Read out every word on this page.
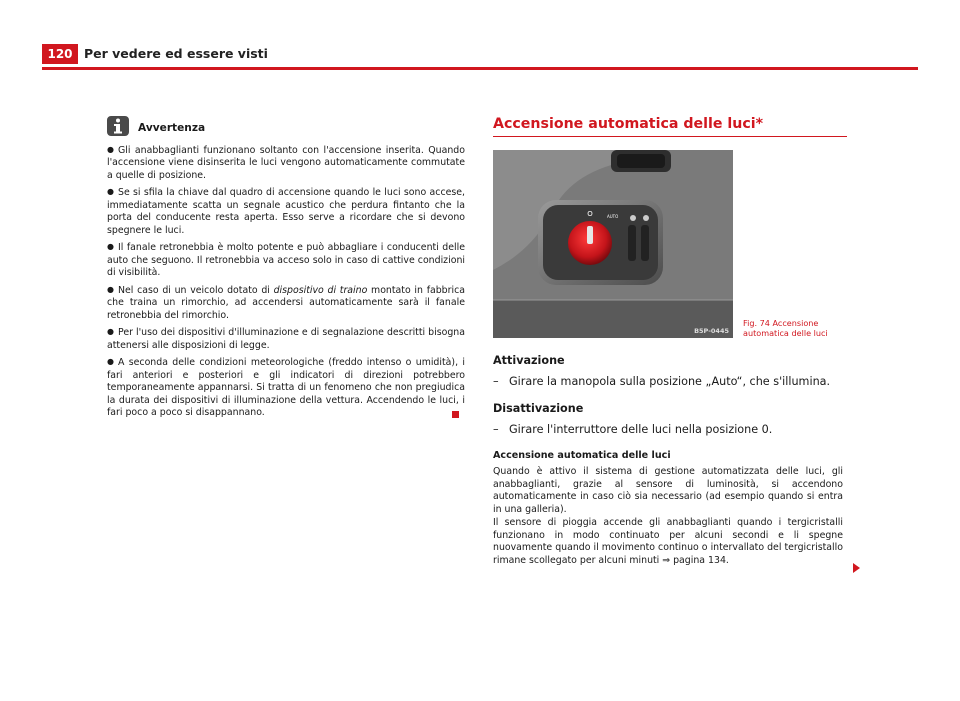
120 Per vedere ed essere visti
Avvertenza
● Gli anabbaglianti funzionano soltanto con l'accensione inserita. Quando l'accensione viene disinserita le luci vengono automaticamente commutate a quelle di posizione.
● Se si sfila la chiave dal quadro di accensione quando le luci sono accese, immediatamente scatta un segnale acustico che perdura fintanto che la porta del conducente resta aperta. Esso serve a ricordare che si devono spegnere le luci.
● Il fanale retronebbia è molto potente e può abbagliare i conducenti delle auto che seguono. Il retronebbia va acceso solo in caso di cattive condizioni di visibilità.
● Nel caso di un veicolo dotato di dispositivo di traino montato in fabbrica che traina un rimorchio, ad accendersi automaticamente sarà il fanale retronebbia del rimorchio.
● Per l'uso dei dispositivi d'illuminazione e di segnalazione descritti bisogna attenersi alle disposizioni di legge.
● A seconda delle condizioni meteorologiche (freddo intenso o umidità), i fari anteriori e posteriori e gli indicatori di direzioni potrebbero temporaneamente appannarsi. Si tratta di un fenomeno che non pregiudica la durata dei dispositivi di illuminazione della vettura. Accendendo le luci, i fari poco a poco si disappannano.
Accensione automatica delle luci*
O	AUTO
B5P-0445
Fig. 74 Accensione automatica delle luci
Attivazione
– Girare la manopola sulla posizione „Auto“, che s'illumina.
Disattivazione
– Girare l'interruttore delle luci nella posizione 0.
Accensione automatica delle luci
Quando è attivo il sistema di gestione automatizzata delle luci, gli anabbaglianti, grazie al sensore di luminosità, si accendono automaticamente in caso ciò sia necessario (ad esempio quando si entra in una galleria).
Il sensore di pioggia accende gli anabbaglianti quando i tergicristalli funzionano in modo continuato per alcuni secondi e li spegne nuovamente quando il movimento continuo o intervallato del tergicristallo rimane scollegato per alcuni minuti ⇒ pagina 134.
